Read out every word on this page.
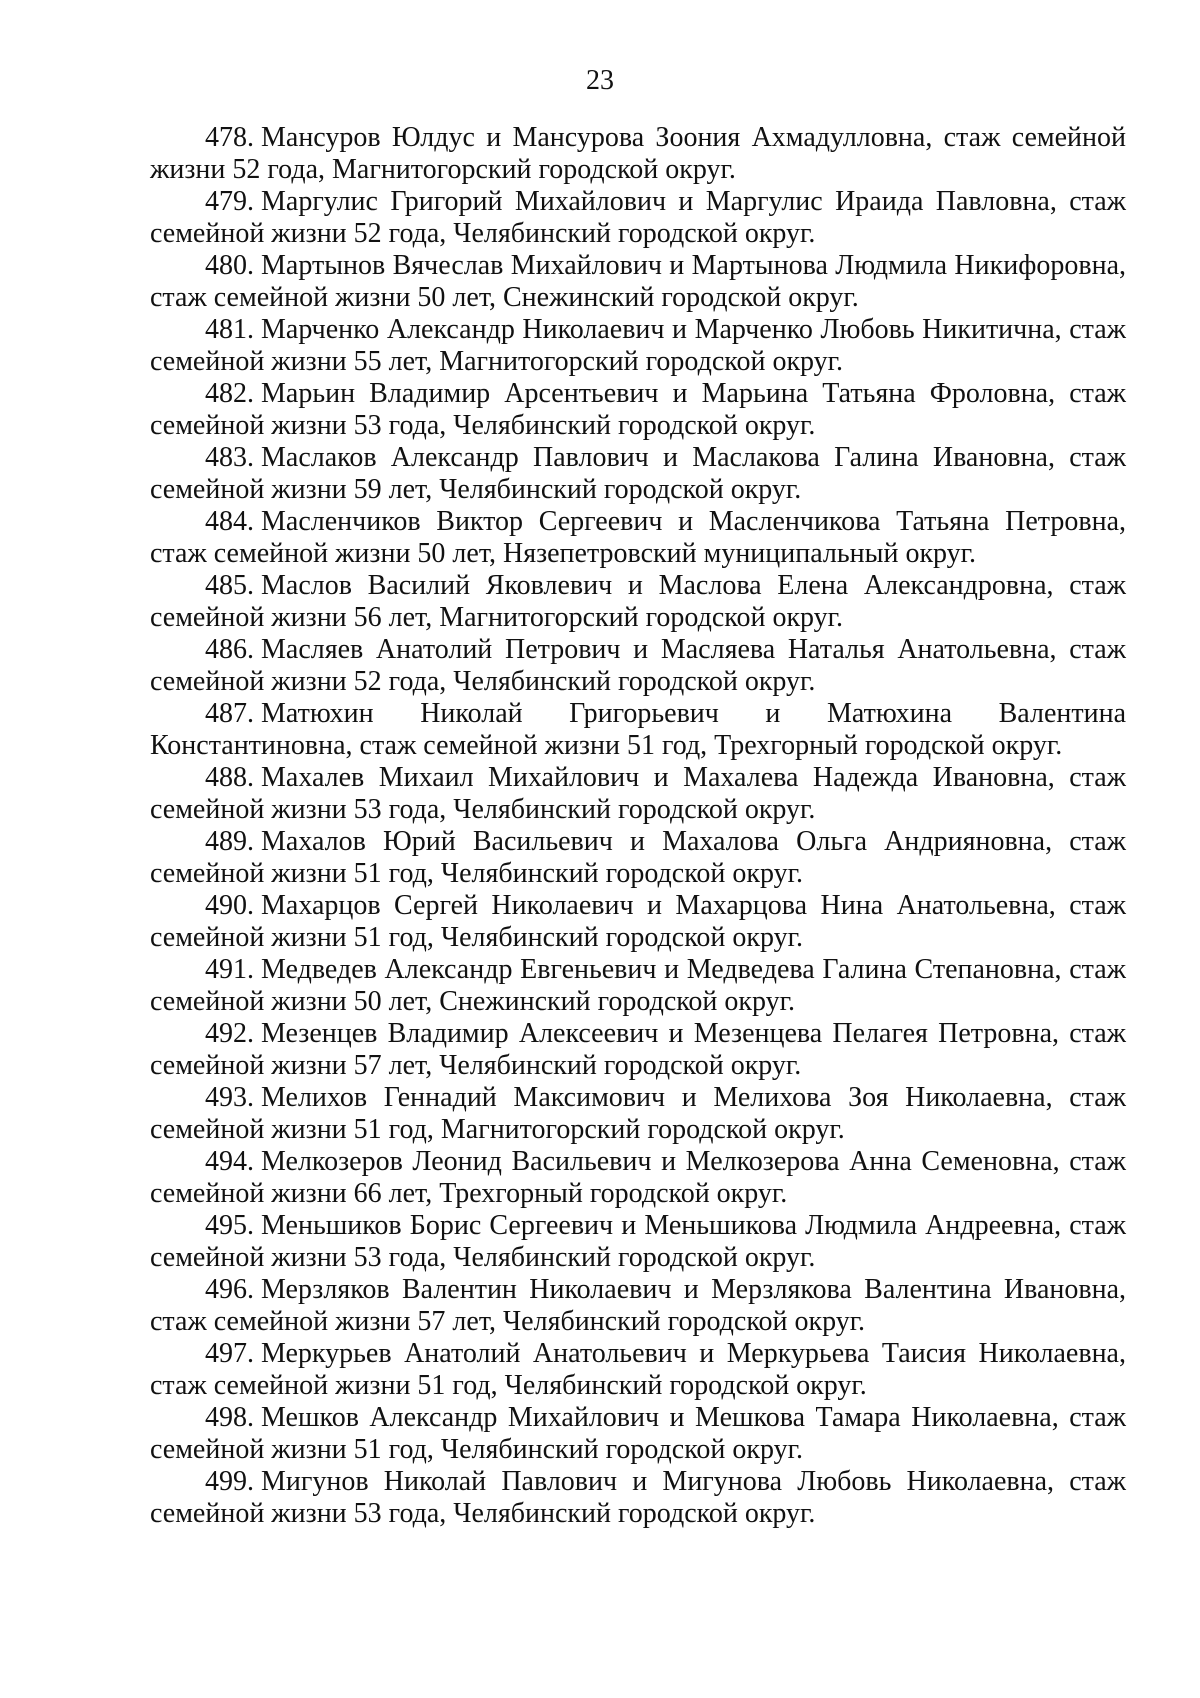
23

478. Мансуров Юлдус и Мансурова Зоония Ахмадулловна, стаж семейной жизни 52 года, Магнитогорский городской округ.

479. Маргулис Григорий Михайлович и Маргулис Ираида Павловна, стаж семейной жизни 52 года, Челябинский городской округ.

480. Мартынов Вячеслав Михайлович и Мартынова Людмила Никифоровна, стаж семейной жизни 50 лет, Снежинский городской округ.

481. Марченко Александр Николаевич и Марченко Любовь Никитична, стаж семейной жизни 55 лет, Магнитогорский городской округ.

482. Марьин Владимир Арсентьевич и Марьина Татьяна Фроловна, стаж семейной жизни 53 года, Челябинский городской округ.

483. Маслаков Александр Павлович и Маслакова Галина Ивановна, стаж семейной жизни 59 лет, Челябинский городской округ.

484. Масленчиков Виктор Сергеевич и Масленчикова Татьяна Петровна, стаж семейной жизни 50 лет, Нязепетровский муниципальный округ.

485. Маслов Василий Яковлевич и Маслова Елена Александровна, стаж семейной жизни 56 лет, Магнитогорский городской округ.

486. Масляев Анатолий Петрович и Масляева Наталья Анатольевна, стаж семейной жизни 52 года, Челябинский городской округ.

487. Матюхин Николай Григорьевич и Матюхина Валентина Константиновна, стаж семейной жизни 51 год, Трехгорный городской округ.

488. Махалев Михаил Михайлович и Махалева Надежда Ивановна, стаж семейной жизни 53 года, Челябинский городской округ.

489. Махалов Юрий Васильевич и Махалова Ольга Андрияновна, стаж семейной жизни 51 год, Челябинский городской округ.

490. Махарцов Сергей Николаевич и Махарцова Нина Анатольевна, стаж семейной жизни 51 год, Челябинский городской округ.

491. Медведев Александр Евгеньевич и Медведева Галина Степановна, стаж семейной жизни 50 лет, Снежинский городской округ.

492. Мезенцев Владимир Алексеевич и Мезенцева Пелагея Петровна, стаж семейной жизни 57 лет, Челябинский городской округ.

493. Мелихов Геннадий Максимович и Мелихова Зоя Николаевна, стаж семейной жизни 51 год, Магнитогорский городской округ.

494. Мелкозеров Леонид Васильевич и Мелкозерова Анна Семеновна, стаж семейной жизни 66 лет, Трехгорный городской округ.

495. Меньшиков Борис Сергеевич и Меньшикова Людмила Андреевна, стаж семейной жизни 53 года, Челябинский городской округ.

496. Мерзляков Валентин Николаевич и Мерзлякова Валентина Ивановна, стаж семейной жизни 57 лет, Челябинский городской округ.

497. Меркурьев Анатолий Анатольевич и Меркурьева Таисия Николаевна, стаж семейной жизни 51 год, Челябинский городской округ.

498. Мешков Александр Михайлович и Мешкова Тамара Николаевна, стаж семейной жизни 51 год, Челябинский городской округ.

499. Мигунов Николай Павлович и Мигунова Любовь Николаевна, стаж семейной жизни 53 года, Челябинский городской округ.
